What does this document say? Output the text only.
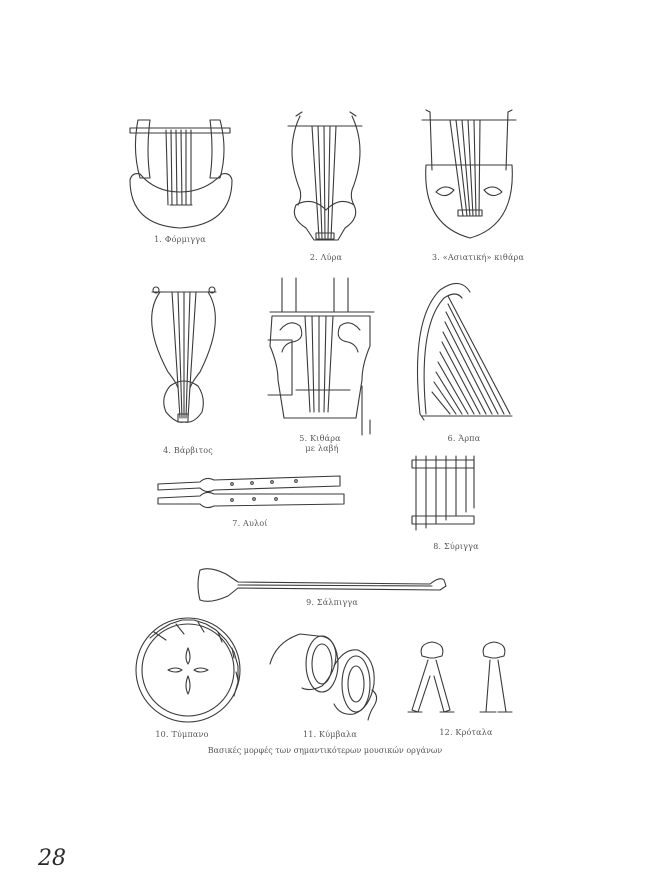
1. Φόρμιγγα
2. Λύρα	3. «Ασιατική» κιθάρα
4. Βάρβιτος
5. Κιθάρα
με λαβή
6. Άρπα
7. Αυλοί
8. Σύριγγα
9. Σάλπιγγα
10. Τύμπανο	11. Κύμβαλα	12. Κρόταλα
Βασικές μορφές των σημαντικότερων μουσικών οργάνων
28
